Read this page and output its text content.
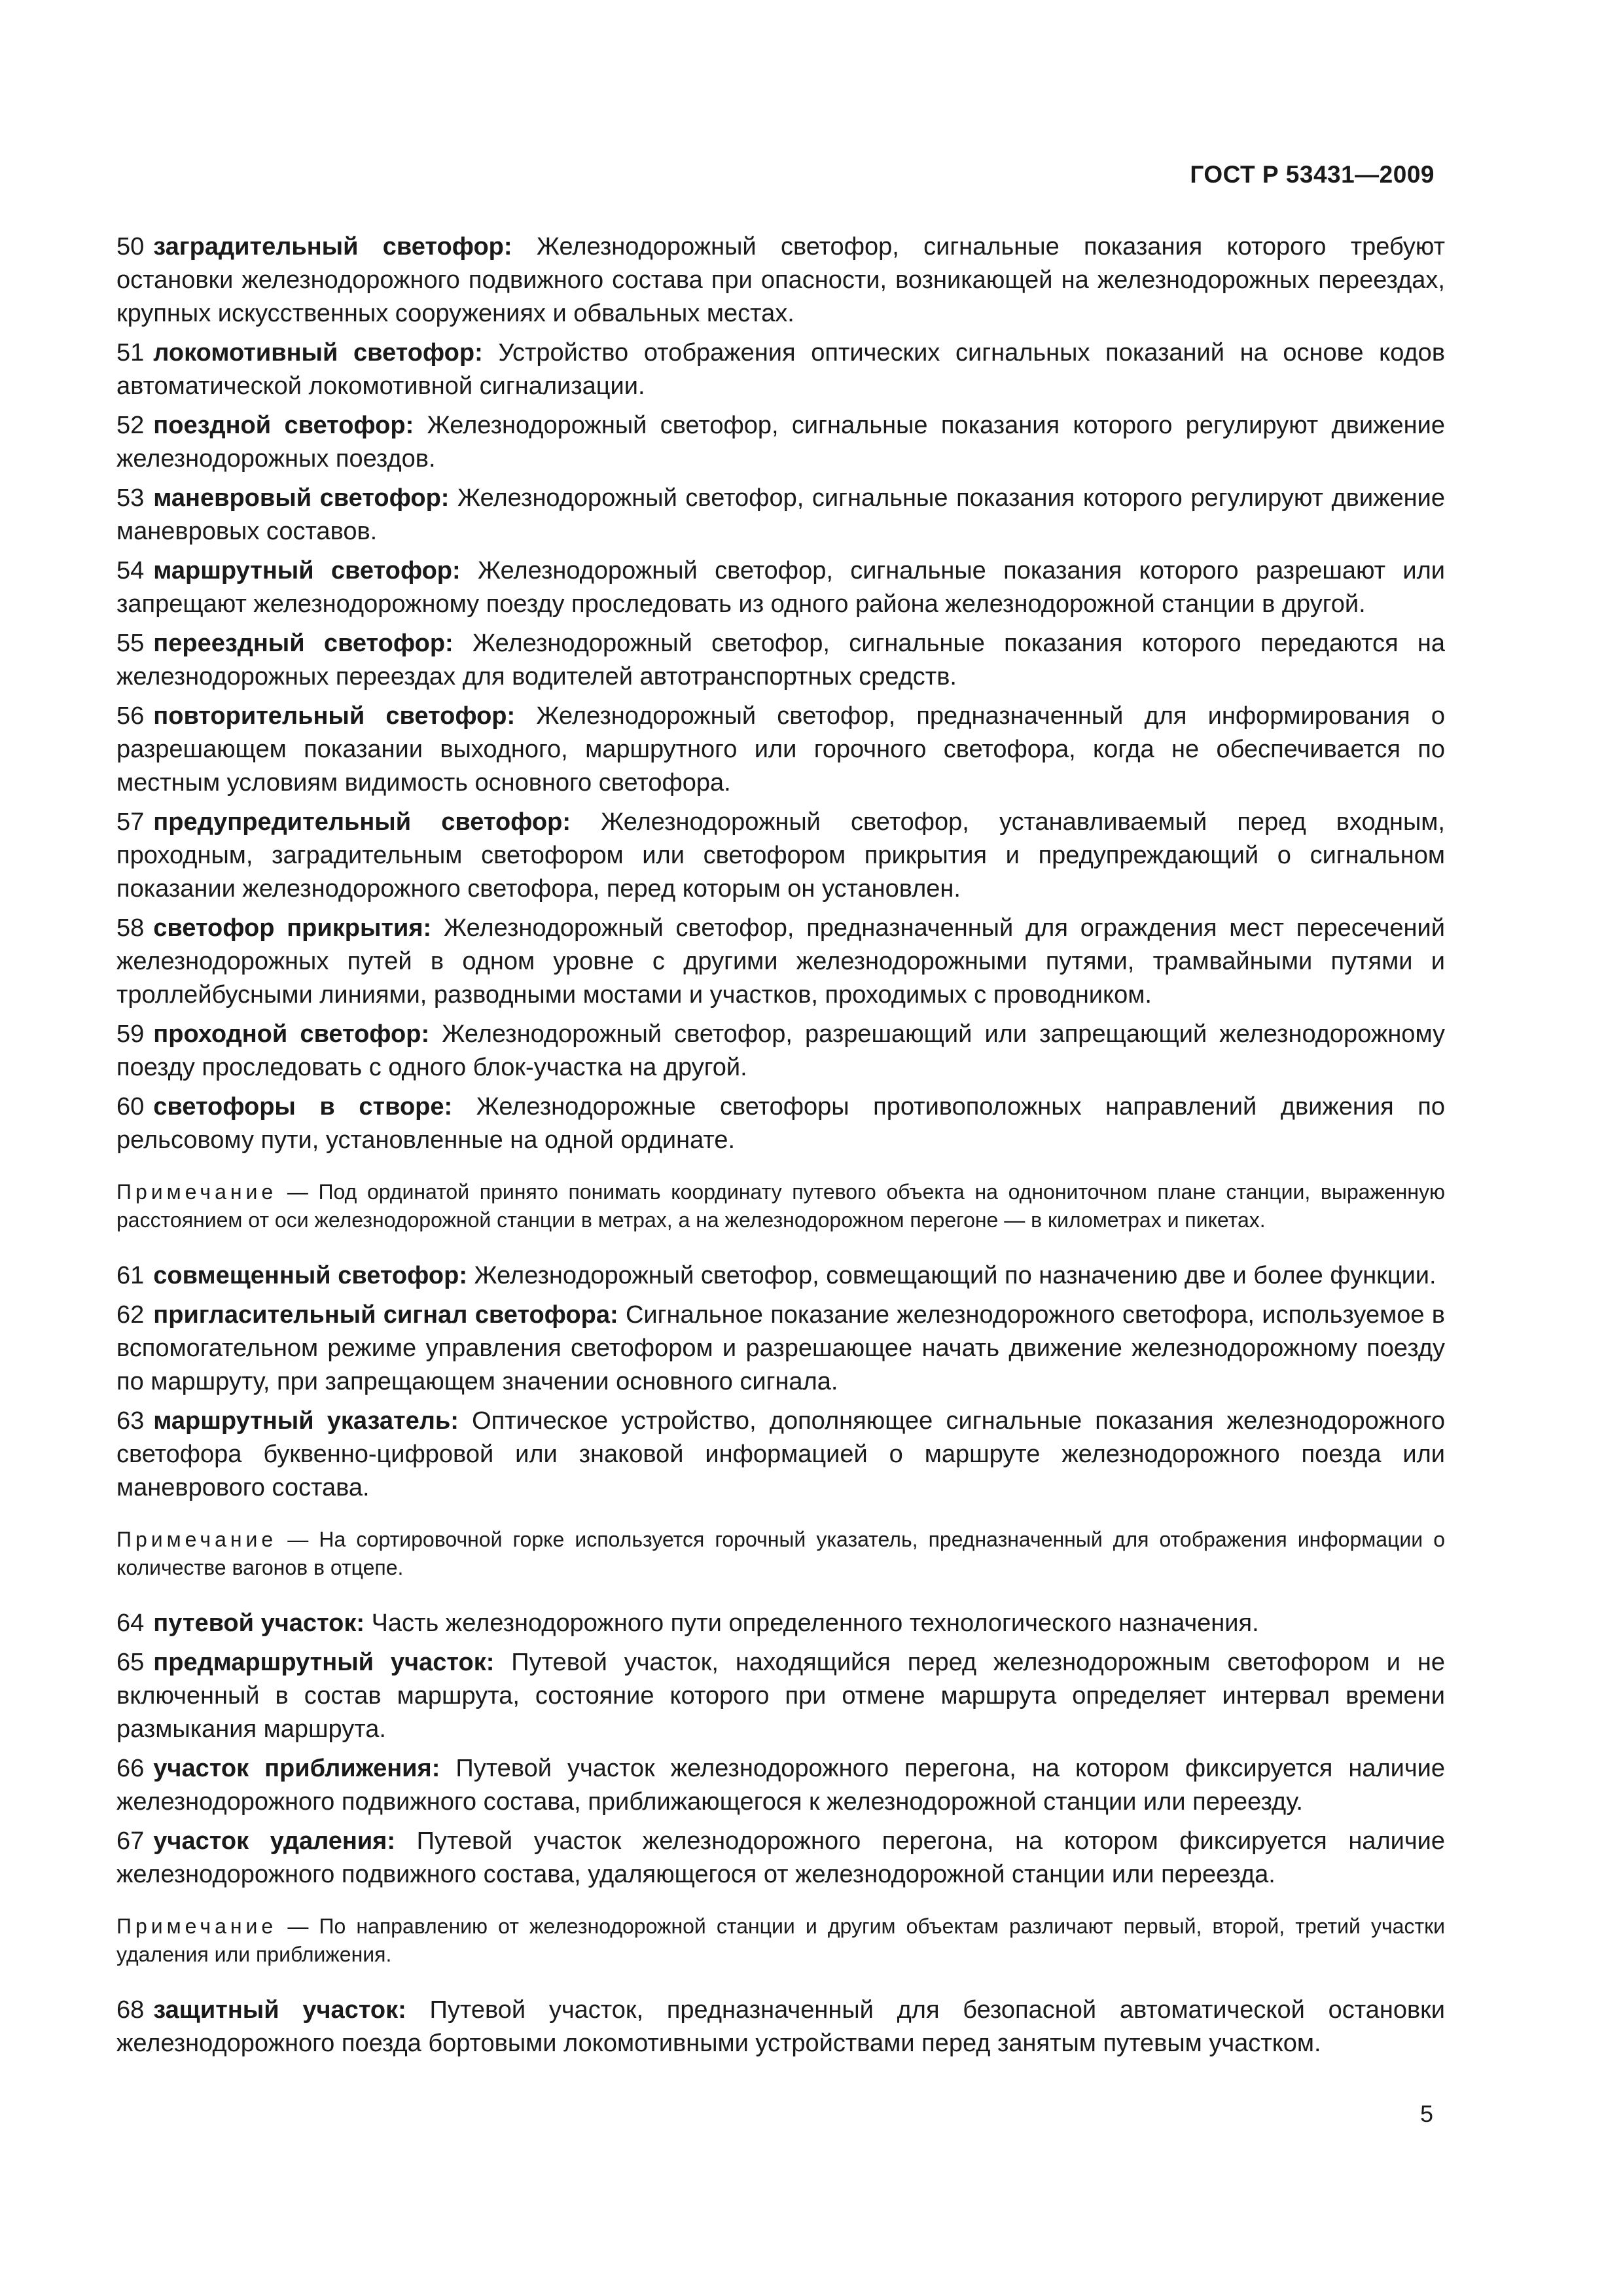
ГОСТ Р 53431—2009

50 заградительный светофор: Железнодорожный светофор, сигнальные показания которого требуют остановки железнодорожного подвижного состава при опасности, возникающей на железнодорожных переездах, крупных искусственных сооружениях и обвальных местах.

51 локомотивный светофор: Устройство отображения оптических сигнальных показаний на основе кодов автоматической локомотивной сигнализации.

52 поездной светофор: Железнодорожный светофор, сигнальные показания которого регулируют движение железнодорожных поездов.

53 маневровый светофор: Железнодорожный светофор, сигнальные показания которого регулируют движение маневровых составов.

54 маршрутный светофор: Железнодорожный светофор, сигнальные показания которого разрешают или запрещают железнодорожному поезду проследовать из одного района железнодорожной станции в другой.

55 переездный светофор: Железнодорожный светофор, сигнальные показания которого передаются на железнодорожных переездах для водителей автотранспортных средств.

56 повторительный светофор: Железнодорожный светофор, предназначенный для информирования о разрешающем показании выходного, маршрутного или горочного светофора, когда не обеспечивается по местным условиям видимость основного светофора.

57 предупредительный светофор: Железнодорожный светофор, устанавливаемый перед входным, проходным, заградительным светофором или светофором прикрытия и предупреждающий о сигнальном показании железнодорожного светофора, перед которым он установлен.

58 светофор прикрытия: Железнодорожный светофор, предназначенный для ограждения мест пересечений железнодорожных путей в одном уровне с другими железнодорожными путями, трамвайными путями и троллейбусными линиями, разводными мостами и участков, проходимых с проводником.

59 проходной светофор: Железнодорожный светофор, разрешающий или запрещающий железнодорожному поезду проследовать с одного блок-участка на другой.

60 светофоры в створе: Железнодорожные светофоры противоположных направлений движения по рельсовому пути, установленные на одной ординате.

Примечание — Под ординатой принято понимать координату путевого объекта на однониточном плане станции, выраженную расстоянием от оси железнодорожной станции в метрах, а на железнодорожном перегоне — в километрах и пикетах.

61 совмещенный светофор: Железнодорожный светофор, совмещающий по назначению две и более функции.

62 пригласительный сигнал светофора: Сигнальное показание железнодорожного светофора, используемое в вспомогательном режиме управления светофором и разрешающее начать движение железнодорожному поезду по маршруту, при запрещающем значении основного сигнала.

63 маршрутный указатель: Оптическое устройство, дополняющее сигнальные показания железнодорожного светофора буквенно-цифровой или знаковой информацией о маршруте железнодорожного поезда или маневрового состава.

Примечание — На сортировочной горке используется горочный указатель, предназначенный для отображения информации о количестве вагонов в отцепе.

64 путевой участок: Часть железнодорожного пути определенного технологического назначения.

65 предмаршрутный участок: Путевой участок, находящийся перед железнодорожным светофором и не включенный в состав маршрута, состояние которого при отмене маршрута определяет интервал времени размыкания маршрута.

66 участок приближения: Путевой участок железнодорожного перегона, на котором фиксируется наличие железнодорожного подвижного состава, приближающегося к железнодорожной станции или переезду.

67 участок удаления: Путевой участок железнодорожного перегона, на котором фиксируется наличие железнодорожного подвижного состава, удаляющегося от железнодорожной станции или переезда.

Примечание — По направлению от железнодорожной станции и другим объектам различают первый, второй, третий участки удаления или приближения.

68 защитный участок: Путевой участок, предназначенный для безопасной автоматической остановки железнодорожного поезда бортовыми локомотивными устройствами перед занятым путевым участком.

5
